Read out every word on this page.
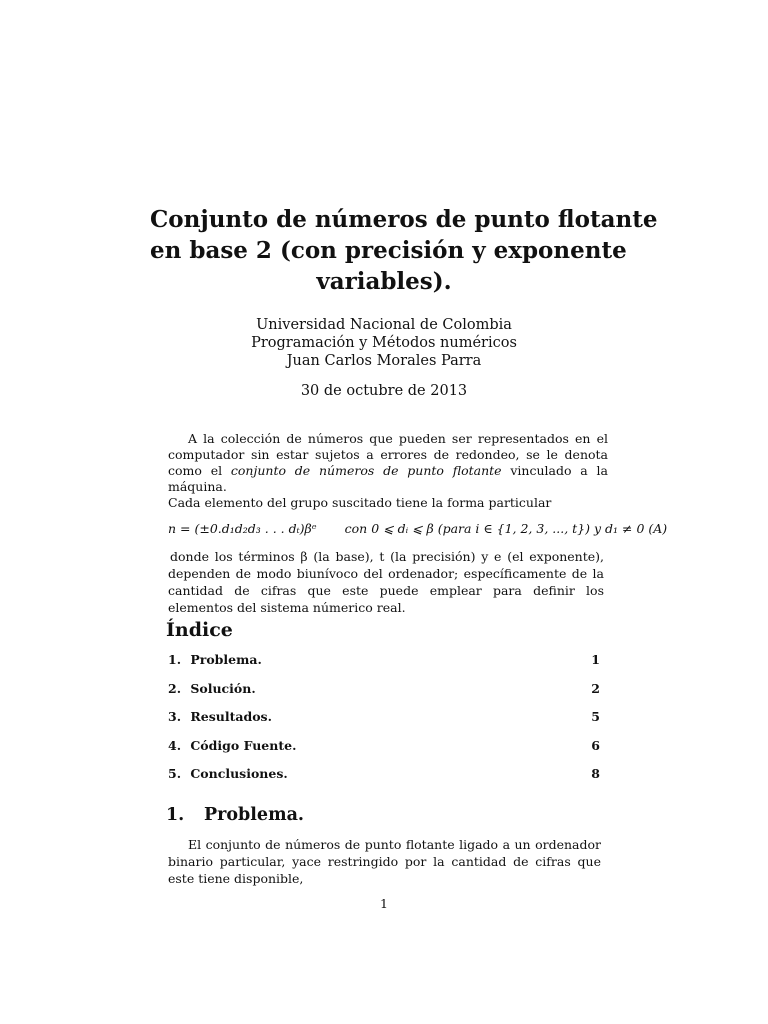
Conjunto de números de punto flotante
en base 2 (con precisión y exponente
variables).
Universidad Nacional de Colombia
Programación y Métodos numéricos
Juan Carlos Morales Parra
30 de octubre de 2013

A la colección de números que pueden ser representados en el computador sin estar sujetos a errores de redondeo, se le denota como el conjunto de números de punto flotante vinculado a la máquina.

Cada elemento del grupo suscitado tiene la forma particular

n = (±0.d₁d₂d₃ . . . dₜ)βᵉ con 0 ⩽ dᵢ ⩽ β (para i ∈ {1, 2, 3, ..., t}) y d₁ ≠ 0 (A)
donde los términos β (la base), t (la precisión) y e (el exponente), dependen de modo biunívoco del ordenador; específicamente de la cantidad de cifras que este puede emplear para definir los elementos del sistema númerico real.
Índice
1. Problema.	1
2. Solución.	2
3. Resultados.	5
4. Código Fuente.	6
5. Conclusiones.	8
1. Problema.
El conjunto de números de punto flotante ligado a un ordenador binario particular, yace restringido por la cantidad de cifras que este tiene disponible,
1
